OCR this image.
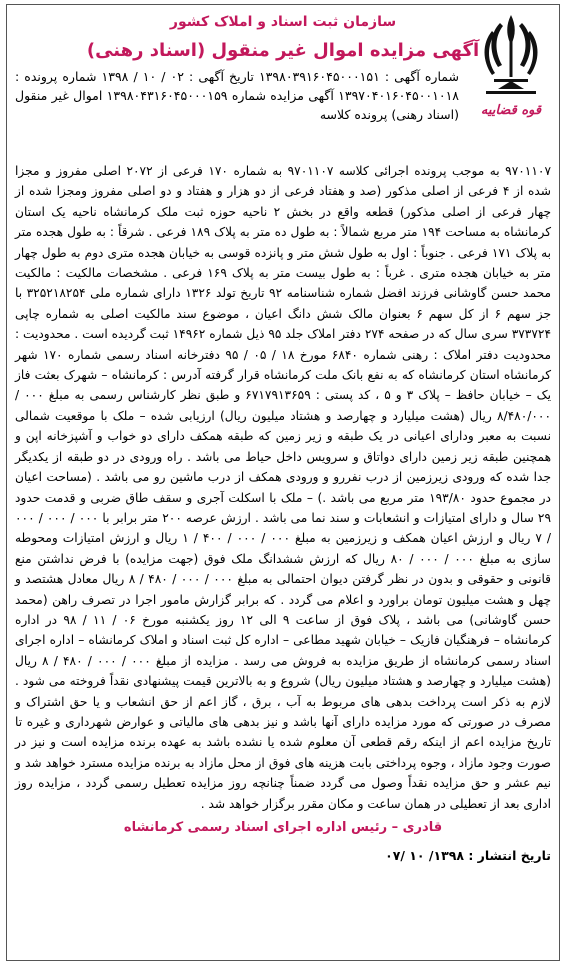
قوه قضاییه
سازمان ثبت اسناد و املاک کشور
آگهی مزایده اموال غیر منقول (اسناد رهنی)
شماره آگهی : ۱۳۹۸۰۳۹۱۶۰۴۵۰۰۰۱۵۱ تاریخ آگهی : ۰۲ / ۱۰ / ۱۳۹۸ شماره پرونده : ۱۳۹۷۰۴۰۱۶۰۴۵۰۰۱۰۱۸ آگهی مزایده شماره ۱۳۹۸۰۴۳۱۶۰۴۵۰۰۰۱۵۹ اموال غیر منقول (اسناد رهنی) پرونده کلاسه
۹۷۰۱۱۰۷ به موجب پرونده اجرائی کلاسه ۹۷۰۱۱۰۷ به شماره ۱۷۰ فرعی از ۲۰۷۲ اصلی مفروز و مجزا شده از ۴ فرعی از اصلی مذکور (صد و هفتاد فرعی از دو هزار و هفتاد و دو اصلی مفروز ومجزا شده از چهار فرعی از اصلی مذکور) قطعه واقع در بخش ۲ ناحیه حوزه ثبت ملک کرمانشاه ناحیه یک استان کرمانشاه به مساحت ۱۹۴ متر مربع شمالاً : به طول ده متر به پلاک ۱۸۹ فرعی . شرقاً : به طول هجده متر به پلاک ۱۷۱ فرعی . جنوباً : اول به طول شش متر و پانزده قوسی به خیابان هجده متری دوم به طول چهار متر به خیابان هجده متری . غرباً : به طول بیست متر به پلاک ۱۶۹ فرعی . مشخصات مالکیت : مالکیت محمد حسن گاوشانی فرزند افضل شماره شناسنامه ۹۲ تاریخ تولد ۱۳۲۶ دارای شماره ملی ۳۲۵۲۱۸۲۵۴ با جز سهم ۶ از کل سهم ۶ بعنوان مالک شش دانگ اعیان ، موضوع سند مالکیت اصلی به شماره چاپی ۳۷۳۷۲۴ سری سال که در صفحه ۲۷۴ دفتر املاک جلد ۹۵ ذیل شماره ۱۴۹۶۲ ثبت گردیده است . محدودیت : محدودیت دفتر املاک : رهنی شماره ۶۸۴۰ مورخ ۱۸ / ۰۵ / ۹۵ دفترخانه اسناد رسمی شماره ۱۷۰ شهر کرمانشاه استان کرمانشاه که به نفع بانک ملت کرمانشاه قرار گرفته آدرس : کرمانشاه – شهرک بعثت فاز یک – خیابان حافظ – پلاک ۳ و ۵ ، کد پستی : ۶۷۱۷۹۱۳۶۵۹ و طبق نظر کارشناس رسمی به مبلغ ۰۰۰ / ۸/۴۸۰/۰۰۰ ریال (هشت میلیارد و چهارصد و هشتاد میلیون ریال) ارزیابی شده – ملک با موقعیت شمالی نسبت به معبر ودارای اعیانی در یک طبقه و زیر زمین که طبقه همکف دارای دو خواب و آشپزخانه اپن و همچنین طبقه زیر زمین دارای دواتاق و سرویس داخل حیاط می باشد . راه ورودی در دو طبقه از یکدیگر جدا شده که ورودی زیرزمین از درب نفررو و ورودی همکف از درب ماشین رو می باشد . (مساحت اعیان در مجموع حدود ۱۹۳/۸۰ متر مربع می باشد .) – ملک با اسکلت آجری و سقف طاق ضربی و قدمت حدود ۲۹ سال و دارای امتیازات و انشعابات و سند نما می باشد . ارزش عرصه ۲۰۰ متر برابر با ۰۰۰ / ۰۰۰ / ۰۰۰ / ۷ ریال و ارزش اعیان همکف و زیرزمین به مبلغ ۰۰۰ / ۰۰۰ / ۴۰۰ / ۱ ریال و ارزش امتیازات ومحوطه سازی به مبلغ ۰۰۰ / ۰۰۰ / ۸۰ ریال که ارزش ششدانگ ملک فوق (جهت مزایده) با فرض نداشتن منع قانونی و حقوقی و بدون در نظر گرفتن دیوان احتمالی به مبلغ ۰۰۰ / ۰۰۰ / ۴۸۰ / ۸ ریال معادل هشتصد و چهل و هشت میلیون تومان براورد و اعلام می گردد . که برابر گزارش مامور اجرا در تصرف راهن (محمد حسن گاوشانی) می باشد ، پلاک فوق از ساعت ۹ الی ۱۲ روز یکشنبه مورخ ۰۶ / ۱۱ / ۹۸ در اداره کرمانشاه – فرهنگیان فازیک – خیابان شهید مطاعی – اداره کل ثبت اسناد و املاک کرمانشاه – اداره اجرای اسناد رسمی کرمانشاه از طریق مزایده به فروش می رسد . مزایده از مبلغ ۰۰۰ / ۰۰۰ / ۴۸۰ / ۸ ریال (هشت میلیارد و چهارصد و هشتاد میلیون ریال) شروع و به بالاترین قیمت پیشنهادی نقداً فروخته می شود . لازم به ذکر است پرداخت بدهی های مربوط به آب ، برق ، گاز اعم از حق انشعاب و یا حق اشتراک و مصرف در صورتی که مورد مزایده دارای آنها باشد و نیز بدهی های مالیاتی و عوارض شهرداری و غیره تا تاریخ مزایده اعم از اینکه رقم قطعی آن معلوم شده یا نشده باشد به عهده برنده مزایده است و نیز در صورت وجود مازاد ، وجوه پرداختی بابت هزینه های فوق از محل مازاد به برنده مزایده مسترد خواهد شد و نیم عشر و حق مزایده نقداً وصول می گردد ضمناً چنانچه روز مزایده تعطیل رسمی گردد ، مزایده روز اداری بعد از تعطیلی در همان ساعت و مکان مقرر برگزار خواهد شد .
قادری – رئیس اداره اجرای اسناد رسمی کرمانشاه
تاریخ انتشار : ۱۳۹۸/ ۱۰ /۰۷
